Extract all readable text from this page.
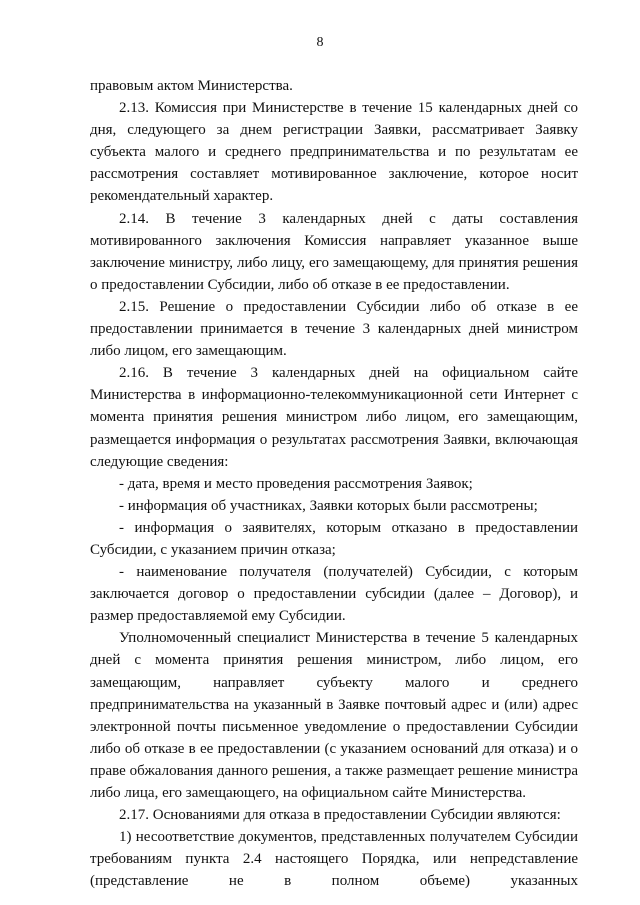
8

правовым актом Министерства.

2.13. Комиссия при Министерстве в течение 15 календарных дней со дня, следующего за днем регистрации Заявки, рассматривает Заявку субъекта малого и среднего предпринимательства и по результатам ее рассмотрения составляет мотивированное заключение, которое носит рекомендательный характер.

2.14. В течение 3 календарных дней с даты составления мотивированного заключения Комиссия направляет указанное выше заключение министру, либо лицу, его замещающему, для принятия решения о предоставлении Субсидии, либо об отказе в ее предоставлении.

2.15. Решение о предоставлении Субсидии либо об отказе в ее предоставлении принимается в течение 3 календарных дней министром либо лицом, его замещающим.

2.16. В течение 3 календарных дней на официальном сайте Министерства в информационно-телекоммуникационной сети Интернет с момента принятия решения министром либо лицом, его замещающим, размещается информация о результатах рассмотрения Заявки, включающая следующие сведения:

- дата, время и место проведения рассмотрения Заявок;

- информация об участниках, Заявки которых были рассмотрены;

- информация о заявителях, которым отказано в предоставлении Субсидии, с указанием причин отказа;

- наименование получателя (получателей) Субсидии, с которым заключается договор о предоставлении субсидии (далее – Договор), и размер предоставляемой ему Субсидии.

Уполномоченный специалист Министерства в течение 5 календарных дней с момента принятия решения министром, либо лицом, его замещающим, направляет субъекту малого и среднего предпринимательства на указанный в Заявке почтовый адрес и (или) адрес электронной почты письменное уведомление о предоставлении Субсидии либо об отказе в ее предоставлении (с указанием оснований для отказа) и о праве обжалования данного решения, а также размещает решение министра либо лица, его замещающего, на официальном сайте Министерства.

2.17. Основаниями для отказа в предоставлении Субсидии являются:

1) несоответствие документов, представленных получателем Субсидии требованиям пункта 2.4 настоящего Порядка, или непредставление (представление не в полном объеме) указанных
